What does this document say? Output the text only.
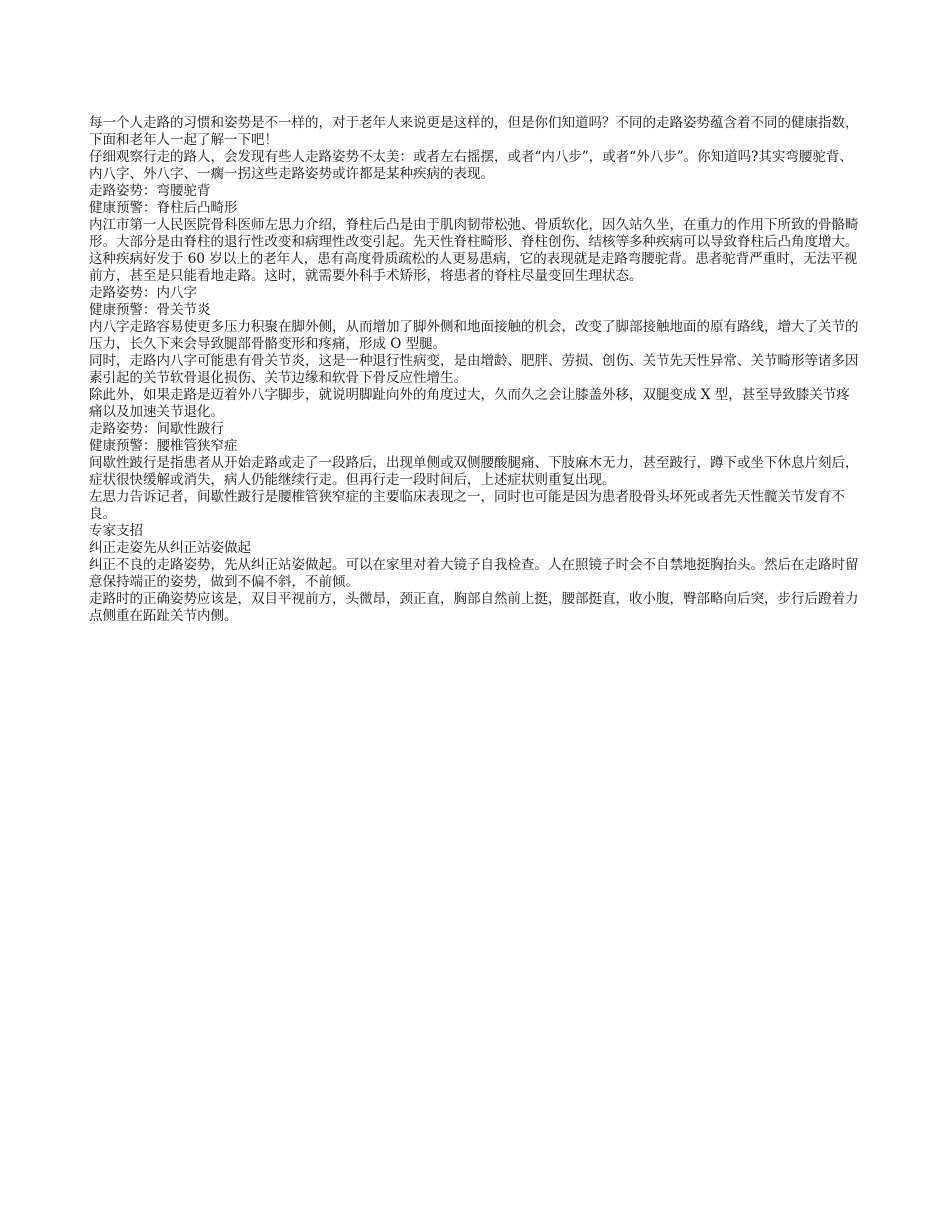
每一个人走路的习惯和姿势是不一样的，对于老年人来说更是这样的，但是你们知道吗？不同的走路姿势蕴含着不同的健康指数，下面和老年人一起了解一下吧！

仔细观察行走的路人，会发现有些人走路姿势不太美：或者左右摇摆，或者“内八步”，或者“外八步”。你知道吗?其实弯腰驼背、内八字、外八字、一瘸一拐这些走路姿势或许都是某种疾病的表现。

走路姿势：弯腰驼背

健康预警：脊柱后凸畸形

内江市第一人民医院骨科医师左思力介绍，脊柱后凸是由于肌肉韧带松弛、骨质软化，因久站久坐，在重力的作用下所致的骨骼畸形。大部分是由脊柱的退行性改变和病理性改变引起。先天性脊柱畸形、脊柱创伤、结核等多种疾病可以导致脊柱后凸角度增大。

这种疾病好发于 60 岁以上的老年人，患有高度骨质疏松的人更易患病，它的表现就是走路弯腰驼背。患者驼背严重时，无法平视前方，甚至是只能看地走路。这时，就需要外科手术矫形，将患者的脊柱尽量变回生理状态。

走路姿势：内八字

健康预警：骨关节炎

内八字走路容易使更多压力积聚在脚外侧，从而增加了脚外侧和地面接触的机会，改变了脚部接触地面的原有路线，增大了关节的压力，长久下来会导致腿部骨骼变形和疼痛，形成 O 型腿。

同时，走路内八字可能患有骨关节炎，这是一种退行性病变，是由增龄、肥胖、劳损、创伤、关节先天性异常、关节畸形等诸多因素引起的关节软骨退化损伤、关节边缘和软骨下骨反应性增生。

除此外，如果走路是迈着外八字脚步，就说明脚趾向外的角度过大，久而久之会让膝盖外移，双腿变成 X 型，甚至导致膝关节疼痛以及加速关节退化。

走路姿势：间歇性跛行

健康预警：腰椎管狭窄症

间歇性跛行是指患者从开始走路或走了一段路后，出现单侧或双侧腰酸腿痛、下肢麻木无力，甚至跛行，蹲下或坐下休息片刻后，症状很快缓解或消失，病人仍能继续行走。但再行走一段时间后，上述症状则重复出现。

左思力告诉记者，间歇性跛行是腰椎管狭窄症的主要临床表现之一，同时也可能是因为患者股骨头坏死或者先天性髋关节发育不良。

专家支招

纠正走姿先从纠正站姿做起

纠正不良的走路姿势，先从纠正站姿做起。可以在家里对着大镜子自我检查。人在照镜子时会不自禁地挺胸抬头。然后在走路时留意保持端正的姿势，做到不偏不斜，不前倾。

走路时的正确姿势应该是，双目平视前方，头微昂，颈正直，胸部自然前上挺，腰部挺直，收小腹，臀部略向后突，步行后蹬着力点侧重在跖趾关节内侧。
